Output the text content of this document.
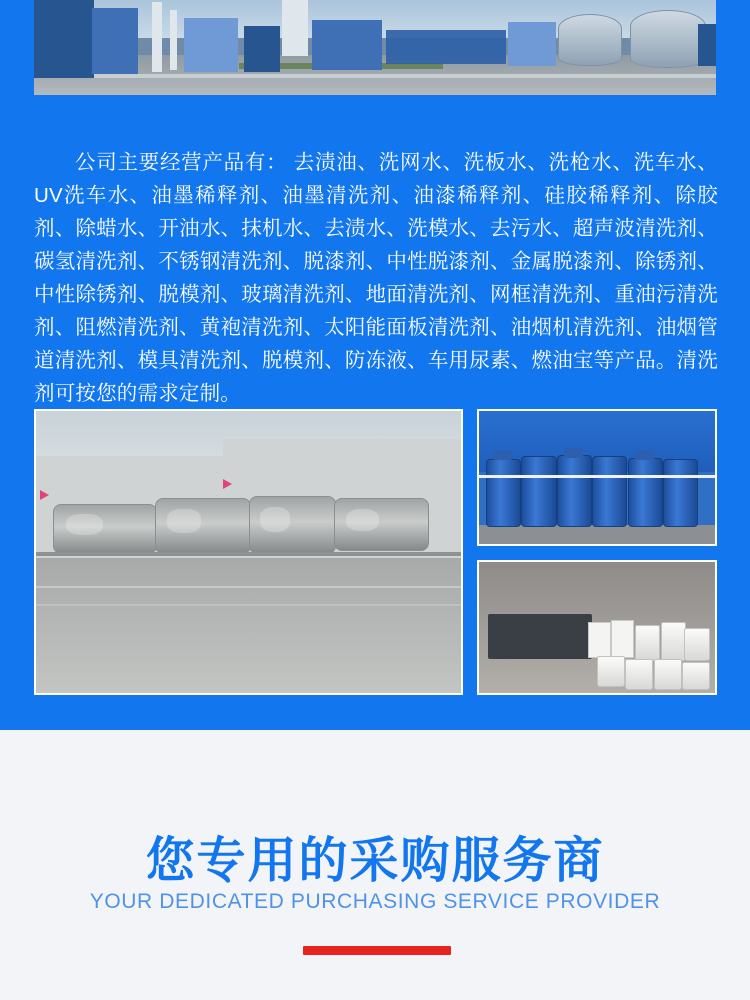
公司主要经营产品有： 去渍油、洗网水、洗板水、洗枪水、洗车水、UV洗车水、油墨稀释剂、油墨清洗剂、油漆稀释剂、硅胶稀释剂、除胶剂、除蜡水、开油水、抹机水、去渍水、洗模水、去污水、超声波清洗剂、碳氢清洗剂、不锈钢清洗剂、脱漆剂、中性脱漆剂、金属脱漆剂、除锈剂、中性除锈剂、脱模剂、玻璃清洗剂、地面清洗剂、网框清洗剂、重油污清洗剂、阻燃清洗剂、黄袍清洗剂、太阳能面板清洗剂、油烟机清洗剂、油烟管道清洗剂、模具清洗剂、脱模剂、防冻液、车用尿素、燃油宝等产品。清洗剂可按您的需求定制。

您专用的采购服务商
YOUR DEDICATED PURCHASING SERVICE PROVIDER
